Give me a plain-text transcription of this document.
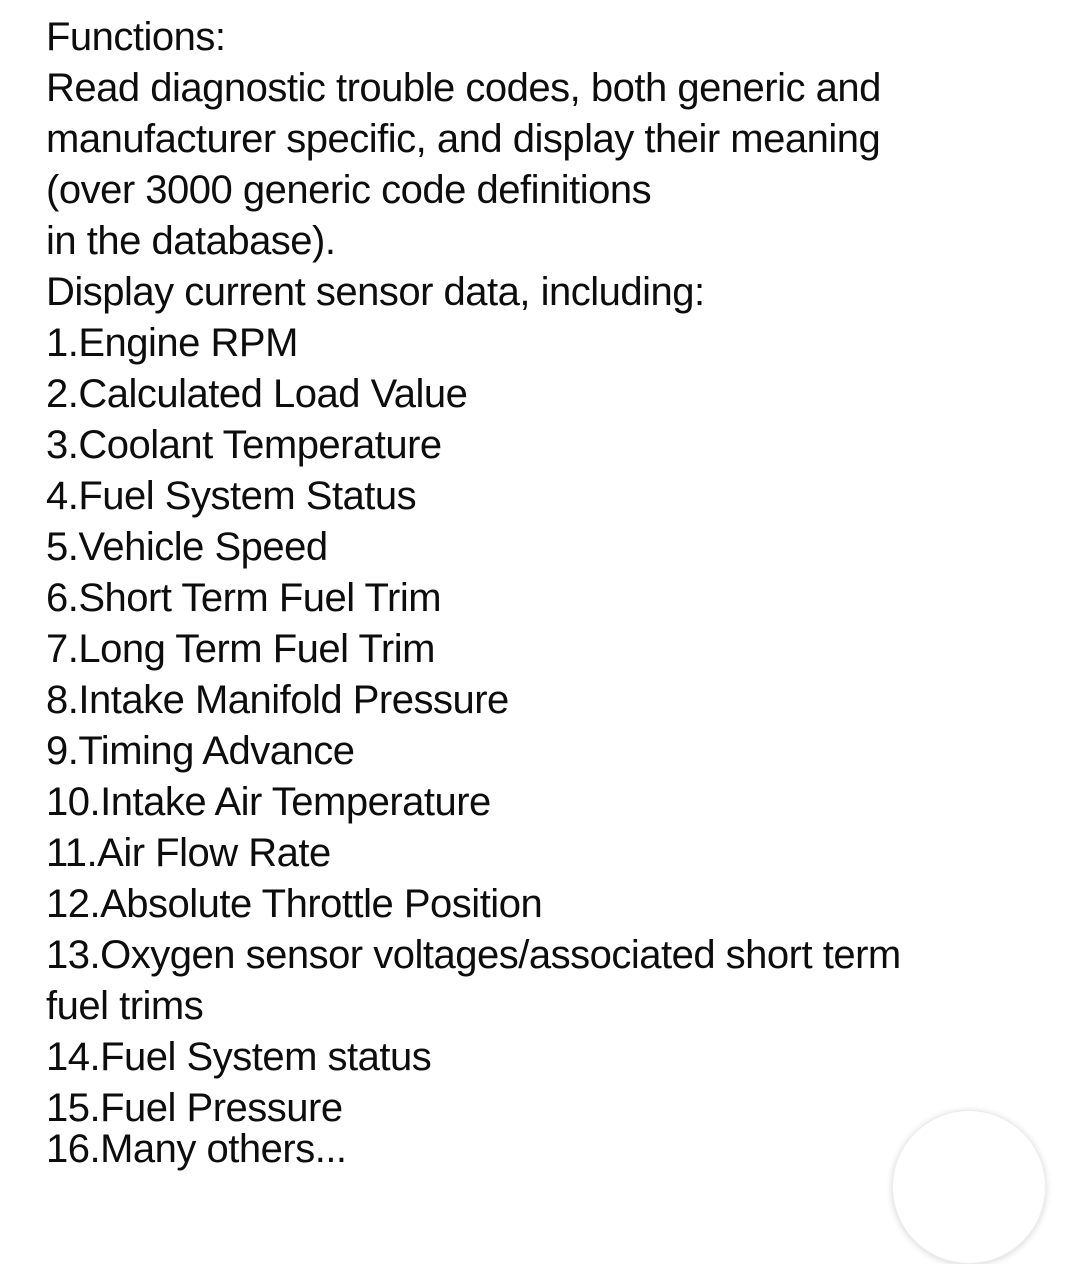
Functions:
Read diagnostic trouble codes, both generic and
manufacturer specific, and display their meaning
(over 3000 generic code definitions
in the database).
Display current sensor data, including:
1.Engine RPM
2.Calculated Load Value
3.Coolant Temperature
4.Fuel System Status
5.Vehicle Speed
6.Short Term Fuel Trim
7.Long Term Fuel Trim
8.Intake Manifold Pressure
9.Timing Advance
10.Intake Air Temperature
11.Air Flow Rate
12.Absolute Throttle Position
13.Oxygen sensor voltages/associated short term
fuel trims
14.Fuel System status
15.Fuel Pressure
16.Many others...
